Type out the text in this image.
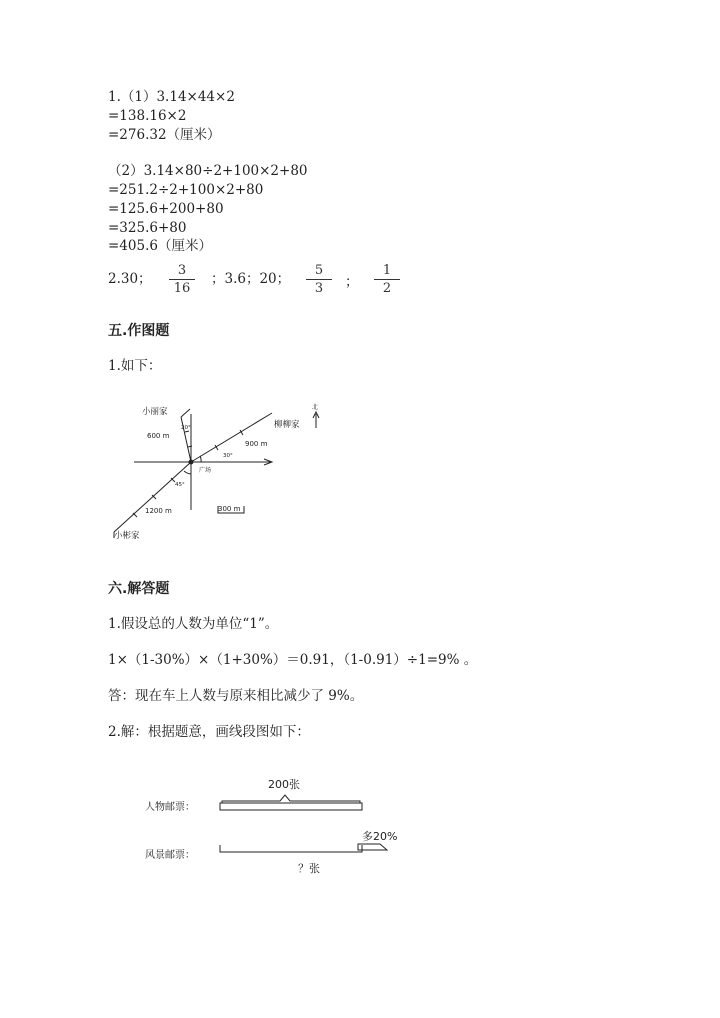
1.（1）3.14×44×2
=138.16×2
=276.32（厘米）
（2）3.14×80÷2+100×2+80
=251.2÷2+100×2+80
=125.6+200+80
=325.6+80
=405.6（厘米）
2.30； $\frac{3}{16}$ ；3.6；20； $\frac{5}{3}$ ； $\frac{1}{2}$
五.作图题
1.如下：
小丽家
柳柳家
小彬家
北
广场
600 m
900 m
1200 m
20°
30°
45°
300 m
六.解答题
1.假设总的人数为单位“1”。
1×（1-30%）×（1+30%）＝0.91，（1-0.91）÷1=9% 。
答：现在车上人数与原来相比减少了 9%。
2.解：根据题意，画线段图如下：
200张
人物邮票：
风景邮票：
多20%
？张
